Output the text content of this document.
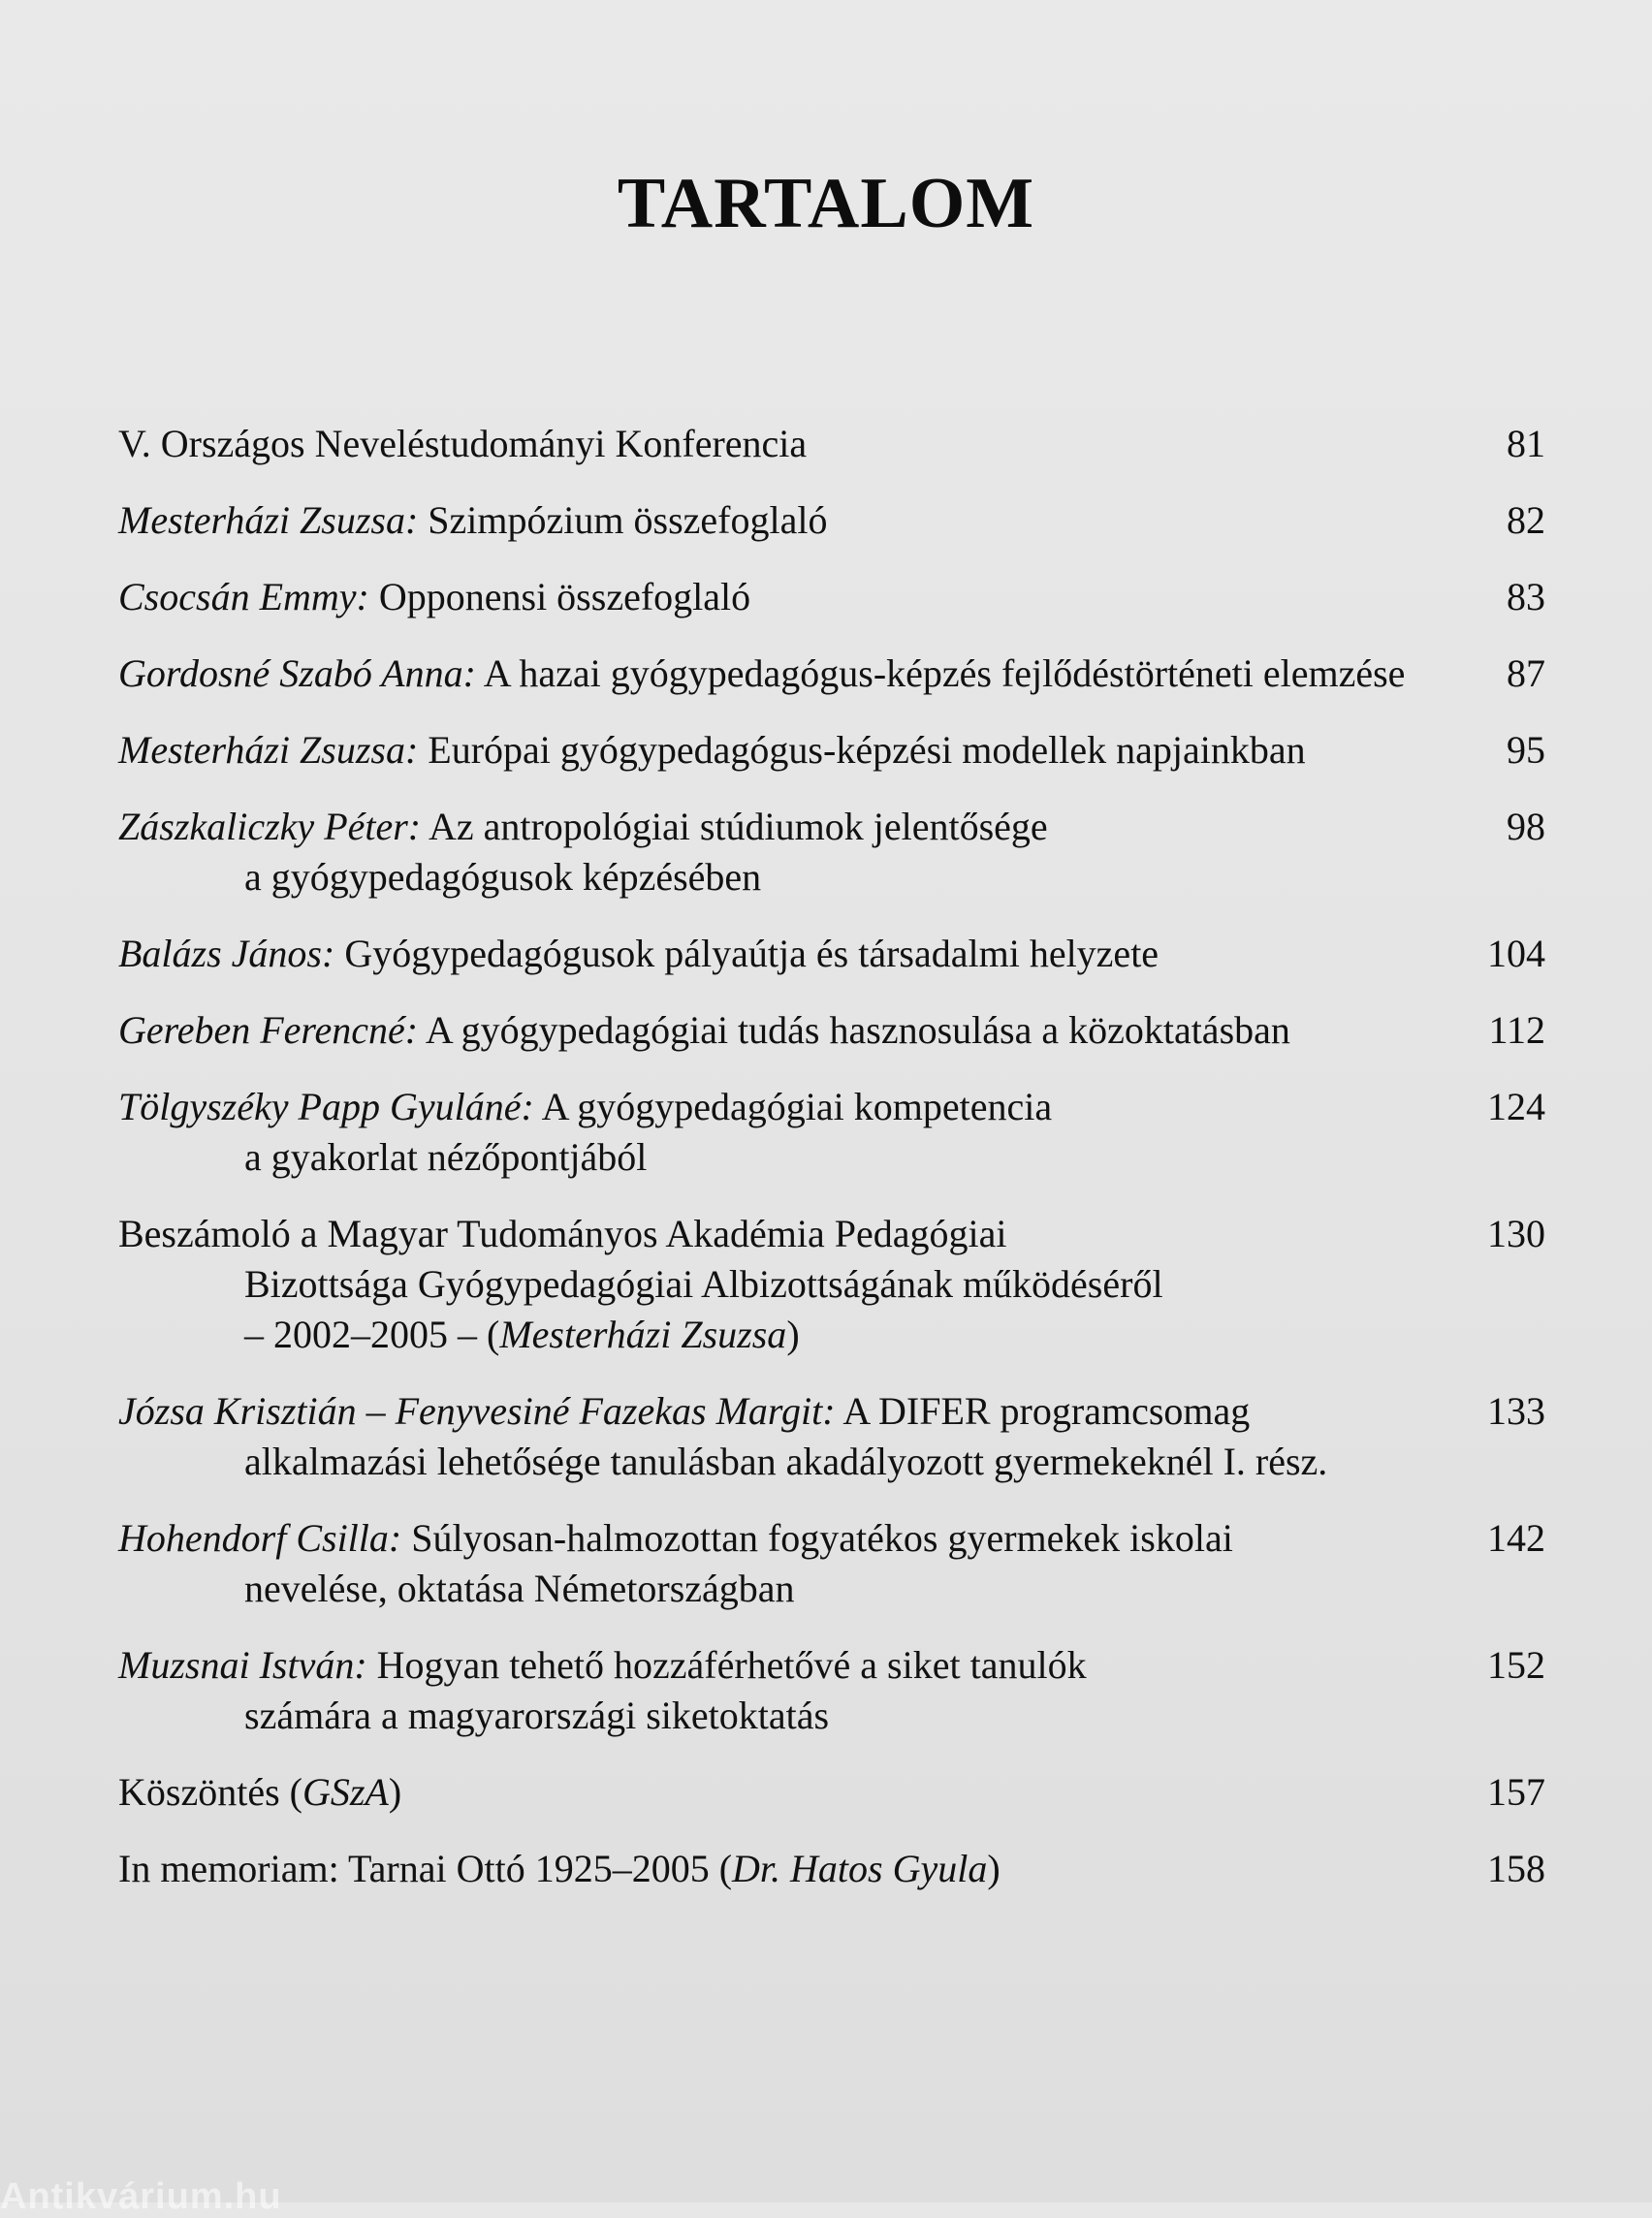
TARTALOM
V. Országos Neveléstudományi Konferencia	81
Mesterházi Zsuzsa: Szimpózium összefoglaló	82
Csocsán Emmy: Opponensi összefoglaló	83
Gordosné Szabó Anna: A hazai gyógypedagógus-képzés fejlődéstörténeti elemzése	87
Mesterházi Zsuzsa: Európai gyógypedagógus-képzési modellek napjainkban	95
Zászkaliczky Péter: Az antropológiai stúdiumok jelentősége
a gyógypedagógusok képzésében
98
Balázs János: Gyógypedagógusok pályaútja és társadalmi helyzete	104
Gereben Ferencné: A gyógypedagógiai tudás hasznosulása a közoktatásban	112
Tölgyszéky Papp Gyuláné: A gyógypedagógiai kompetencia
a gyakorlat nézőpontjából
124
Beszámoló a Magyar Tudományos Akadémia Pedagógiai
Bizottsága Gyógypedagógiai Albizottságának működéséről
– 2002–2005 – (Mesterházi Zsuzsa)
130
Józsa Krisztián – Fenyvesiné Fazekas Margit: A DIFER programcsomag
alkalmazási lehetősége tanulásban akadályozott gyermekeknél I. rész.
133
Hohendorf Csilla: Súlyosan-halmozottan fogyatékos gyermekek iskolai
nevelése, oktatása Németországban
142
Muzsnai István: Hogyan tehető hozzáférhetővé a siket tanulók
számára a magyarországi siketoktatás
152
Köszöntés (GSzA)	157
In memoriam: Tarnai Ottó 1925–2005 (Dr. Hatos Gyula)	158
Antikvárium.hu
